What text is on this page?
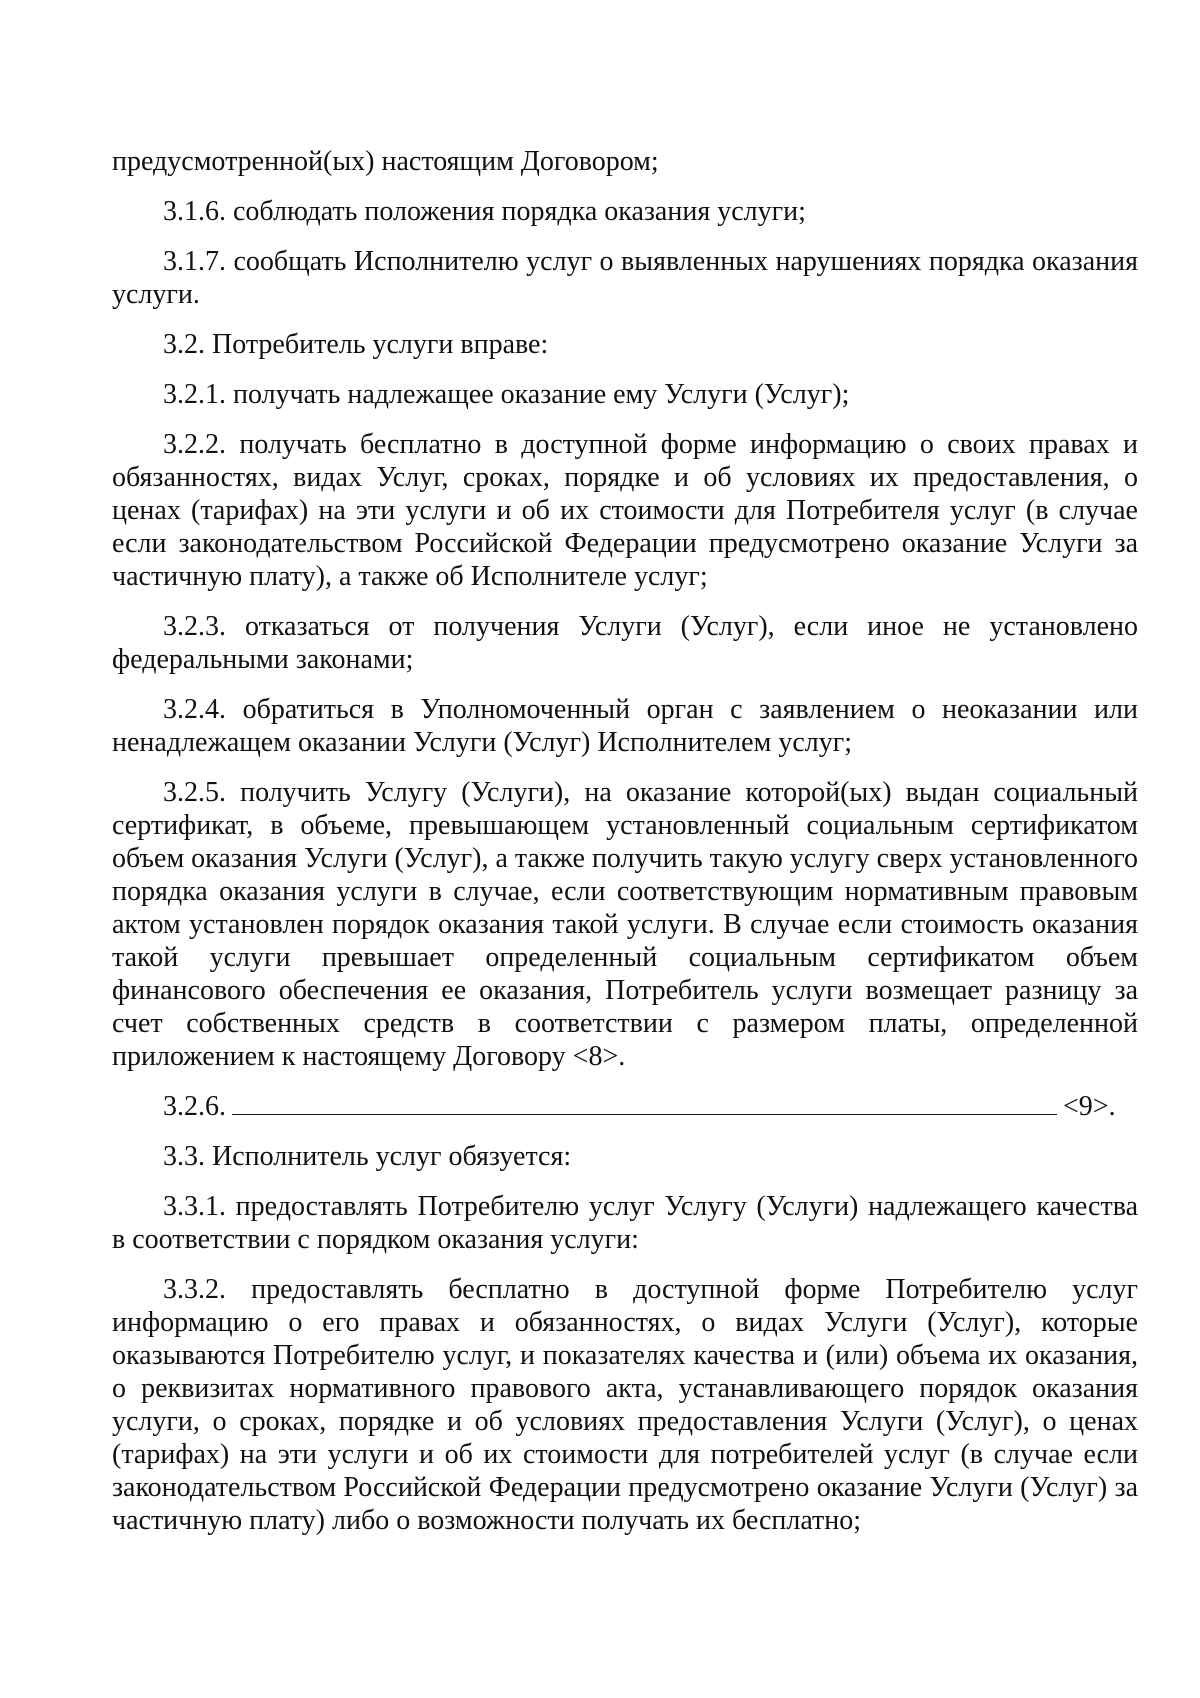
предусмотренной(ых) настоящим Договором;

3.1.6. соблюдать положения порядка оказания услуги;

3.1.7. сообщать Исполнителю услуг о выявленных нарушениях порядка оказания услуги.

3.2. Потребитель услуги вправе:

3.2.1. получать надлежащее оказание ему Услуги (Услуг);

3.2.2. получать бесплатно в доступной форме информацию о своих правах и обязанностях, видах Услуг, сроках, порядке и об условиях их предоставления, о ценах (тарифах) на эти услуги и об их стоимости для Потребителя услуг (в случае если законодательством Российской Федерации предусмотрено оказание Услуги за частичную плату), а также об Исполнителе услуг;

3.2.3. отказаться от получения Услуги (Услуг), если иное не установлено федеральными законами;

3.2.4. обратиться в Уполномоченный орган с заявлением о неоказании или ненадлежащем оказании Услуги (Услуг) Исполнителем услуг;

3.2.5. получить Услугу (Услуги), на оказание которой(ых) выдан социальный сертификат, в объеме, превышающем установленный социальным сертификатом объем оказания Услуги (Услуг), а также получить такую услугу сверх установленного порядка оказания услуги в случае, если соответствующим нормативным правовым актом установлен порядок оказания такой услуги. В случае если стоимость оказания такой услуги превышает определенный социальным сертификатом объем финансового обеспечения ее оказания, Потребитель услуги возмещает разницу за счет собственных средств в соответствии с размером платы, определенной приложением к настоящему Договору <8>.

3.2.6.	<9>.

3.3. Исполнитель услуг обязуется:

3.3.1. предоставлять Потребителю услуг Услугу (Услуги) надлежащего качества в соответствии с порядком оказания услуги:

3.3.2. предоставлять бесплатно в доступной форме Потребителю услуг информацию о его правах и обязанностях, о видах Услуги (Услуг), которые оказываются Потребителю услуг, и показателях качества и (или) объема их оказания, о реквизитах нормативного правового акта, устанавливающего порядок оказания услуги, о сроках, порядке и об условиях предоставления Услуги (Услуг), о ценах (тарифах) на эти услуги и об их стоимости для потребителей услуг (в случае если законодательством Российской Федерации предусмотрено оказание Услуги (Услуг) за частичную плату) либо о возможности получать их бесплатно;
